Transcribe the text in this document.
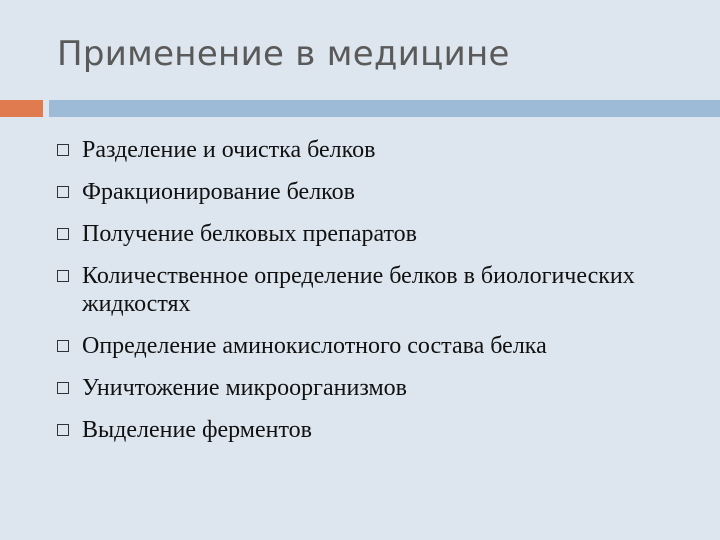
Применение в медицине
Разделение и очистка белков
Фракционирование белков
Получение белковых препаратов
Количественное определение белков в биологических жидкостях
Определение аминокислотного состава белка
Уничтожение микроорганизмов
Выделение ферментов
